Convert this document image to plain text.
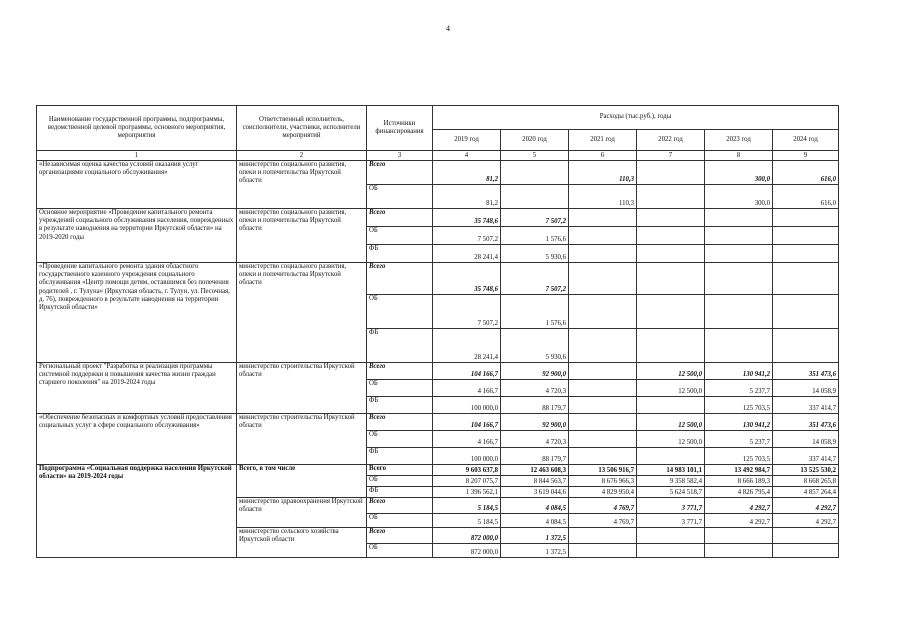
4
Наименование государственной программы, подпрограммы, ведомственной целевой программы, основного мероприятия, мероприятия	Ответственный исполнитель, соисполнители, участники, исполнители мероприятий	Источники финансирования	Расходы (тыс.руб.), годы					
			2019 год	2020 год	2021 год	2022 год	2023 год	2024 год
1	2	3	4	5	6	7	8	9
«Независимая оценка качества условий оказания услуг организациями социального обслуживания»	министерство социального развития, опеки и попечительства Иркутской области	Всего	81,2		110,3		300,0	616,0
		ОБ	81,2		110,3		300,0	616,0
Основное мероприятие «Проведение капитального ремонта учреждений социального обслуживания населения, поврежденных в результате наводнения на территории Иркутской области» на 2019-2020 годы	министерство социального развития, опеки и попечительства Иркутской области	Всего	35 748,6	7 507,2				
		ОБ	7 507,2	1 576,6				
		ФБ	28 241,4	5 930,6				
«Проведение капитального ремонта здания областного государственного казенного учреждения социального обслуживания «Центр помощи детям, оставшимся без попечения родителей , г. Тулуна» (Иркутская область, г. Тулун, ул. Песочная, д. 76), поврежденного в результате наводнения на территории Иркутской области»	министерство социального развития, опеки и попечительства Иркутской области	Всего	35 748,6	7 507,2				
		ОБ	7 507,2	1 576,6				
		ФБ	28 241,4	5 930,6				
Региональный проект "Разработка и реализация программы системной поддержки и повышения качества жизни граждан старшего поколения" на 2019-2024 годы	министерство строительства Иркутской области	Всего	104 166,7	92 900,0		12 500,0	130 941,2	351 473,6
		ОБ	4 166,7	4 720,3		12 500,0	5 237,7	14 058,9
		ФБ	100 000,0	88 179,7			125 703,5	337 414,7
«Обеспечение безопасных и комфортных условий предоставления социальных услуг в сфере социального обслуживания»	министерство строительства Иркутской области	Всего	104 166,7	92 900,0		12 500,0	130 941,2	351 473,6
		ОБ	4 166,7	4 720,3		12 500,0	5 237,7	14 058,9
		ФБ	100 000,0	88 179,7			125 703,5	337 414,7
Подпрограмма «Социальная поддержка населения Иркутской области» на 2019-2024 годы	Всего, в том числе	Всего	9 603 637,8	12 463 608,3	13 506 916,7	14 983 101,1	13 492 984,7	13 525 530,2
		ОБ	8 207 075,7	8 844 563,7	8 676 966,3	9 358 582,4	8 666 189,3	8 668 265,8
		ФБ	1 396 562,1	3 619 044,6	4 829 950,4	5 624 518,7	4 826 795,4	4 857 264,4
	министерство здравоохранения Иркутской области	Всего	5 184,5	4 084,5	4 769,7	3 771,7	4 292,7	4 292,7
		ОБ	5 184,5	4 084,5	4 769,7	3 771,7	4 292,7	4 292,7
	министерство сельского хозяйства Иркутской области	Всего	872 000,0	1 372,5				
		ОБ	872 000,0	1 372,5				
